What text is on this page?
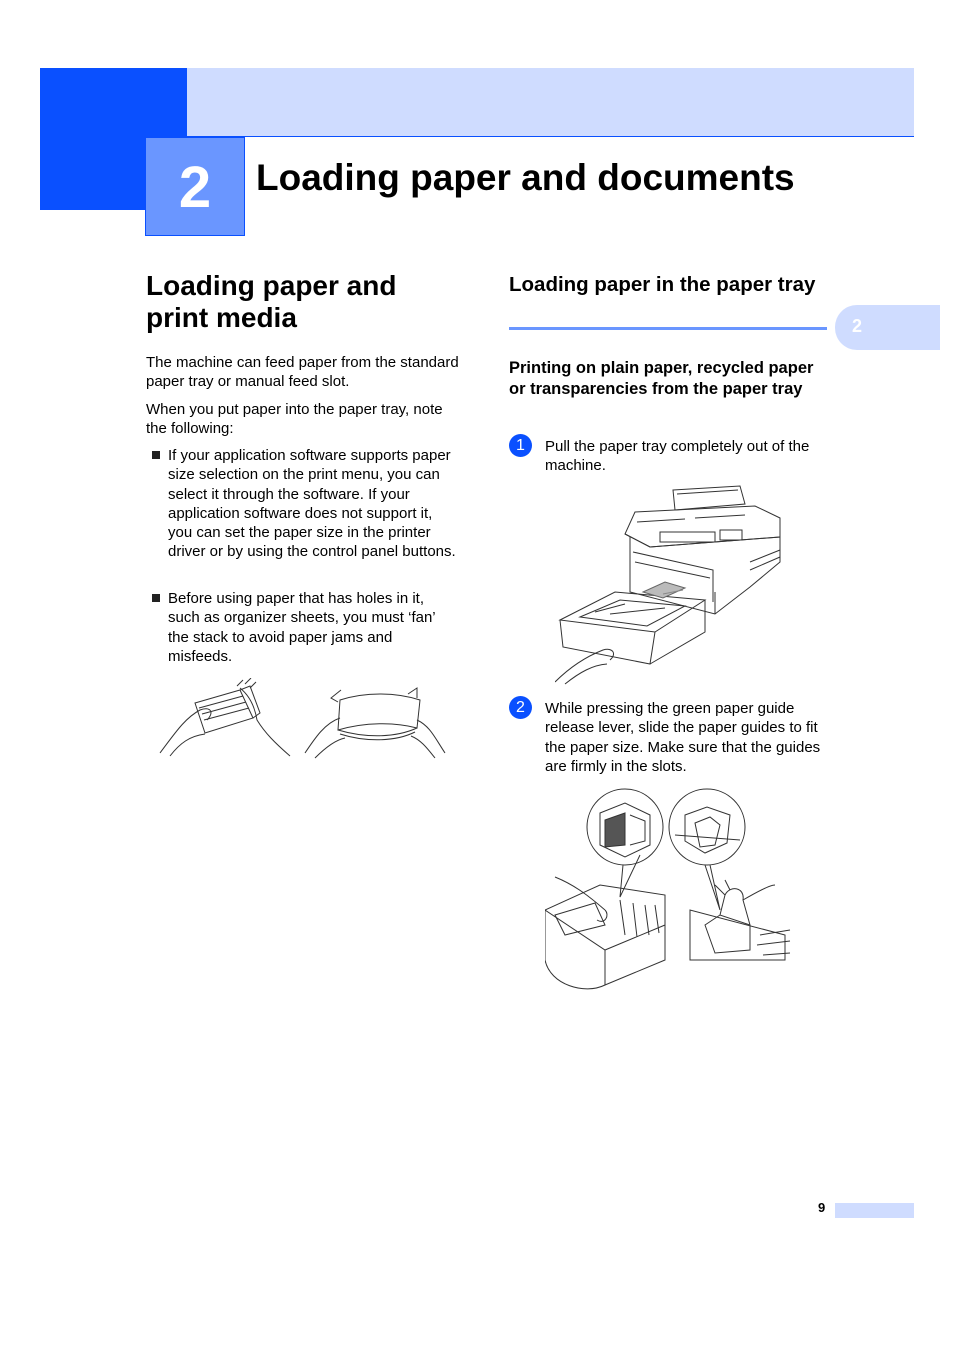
2	Loading paper and documents
Loading paper and print media
The machine can feed paper from the standard paper tray or manual feed slot.
When you put paper into the paper tray, note the following:
If your application software supports paper size selection on the print menu, you can select it through the software. If your application software does not support it, you can set the paper size in the printer driver or by using the control panel buttons.
Before using paper that has holes in it, such as organizer sheets, you must ‘fan’ the stack to avoid paper jams and misfeeds.
Loading paper in the paper tray
2
Printing on plain paper, recycled paper or transparencies from the paper tray
1	Pull the paper tray completely out of the machine.
2	While pressing the green paper guide release lever, slide the paper guides to fit the paper size. Make sure that the guides are firmly in the slots.
9
